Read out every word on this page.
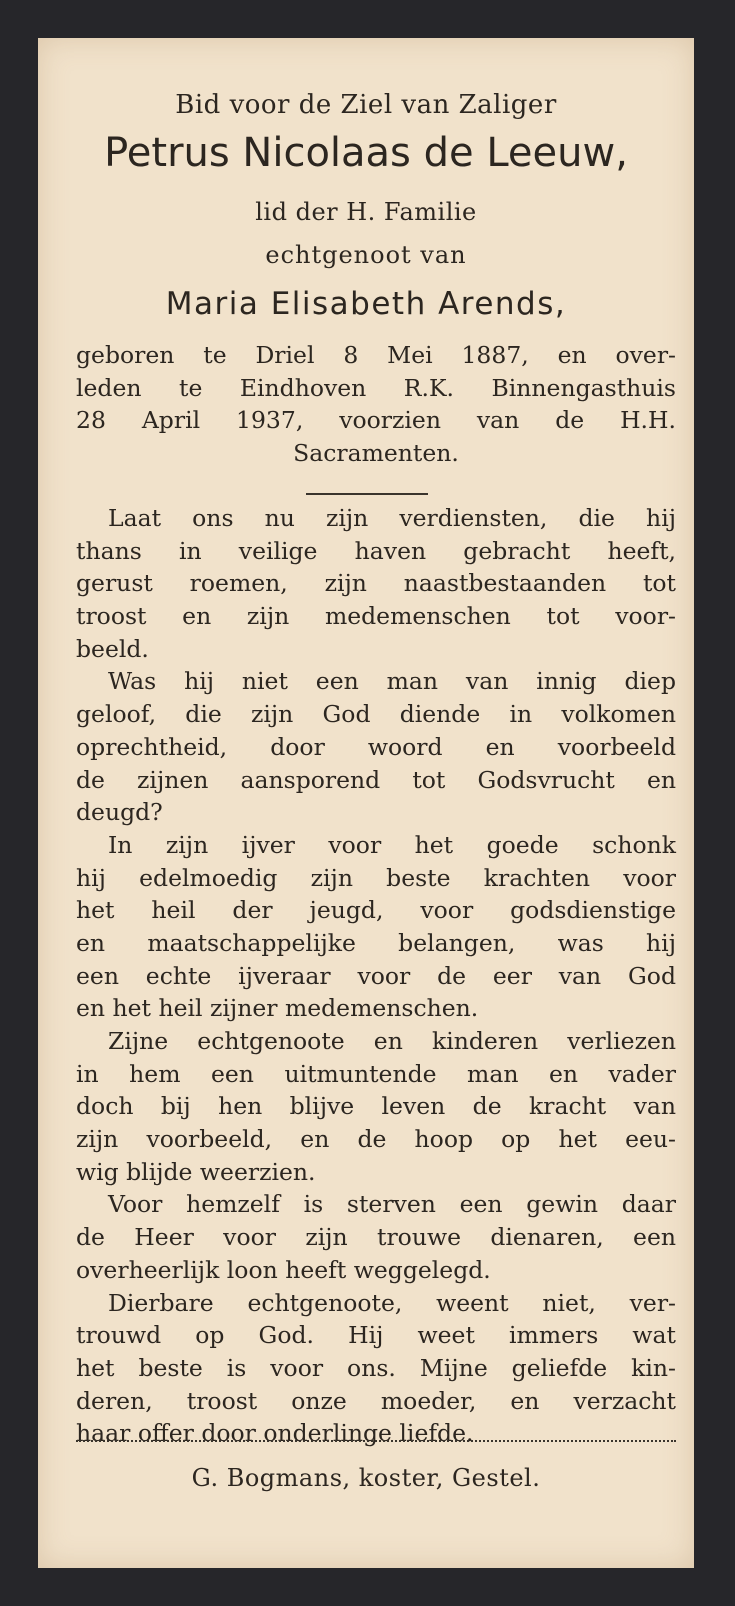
Bid voor de Ziel van Zaliger
Petrus Nicolaas de Leeuw,
lid der H. Familie
echtgenoot van
Maria Elisabeth Arends,
geboren te Driel 8 Mei 1887, en over-
leden te Eindhoven R.K. Binnengasthuis
28 April 1937, voorzien van de H.H.
Sacramenten.
Laat ons nu zijn verdiensten, die hij
thans in veilige haven gebracht heeft,
gerust roemen, zijn naastbestaanden tot
troost en zijn medemenschen tot voor-
beeld.
Was hij niet een man van innig diep
geloof, die zijn God diende in volkomen
oprechtheid, door woord en voorbeeld
de zijnen aansporend tot Godsvrucht en
deugd?
In zijn ijver voor het goede schonk
hij edelmoedig zijn beste krachten voor
het heil der jeugd, voor godsdienstige
en maatschappelijke belangen, was hij
een echte ijveraar voor de eer van God
en het heil zijner medemenschen.
Zijne echtgenoote en kinderen verliezen
in hem een uitmuntende man en vader
doch bij hen blijve leven de kracht van
zijn voorbeeld, en de hoop op het eeu-
wig blijde weerzien.
Voor hemzelf is sterven een gewin daar
de Heer voor zijn trouwe dienaren, een
overheerlijk loon heeft weggelegd.
Dierbare echtgenoote, weent niet, ver-
trouwd op God. Hij weet immers wat
het beste is voor ons. Mijne geliefde kin-
deren, troost onze moeder, en verzacht
haar offer door onderlinge liefde.
G. Bogmans, koster, Gestel.
